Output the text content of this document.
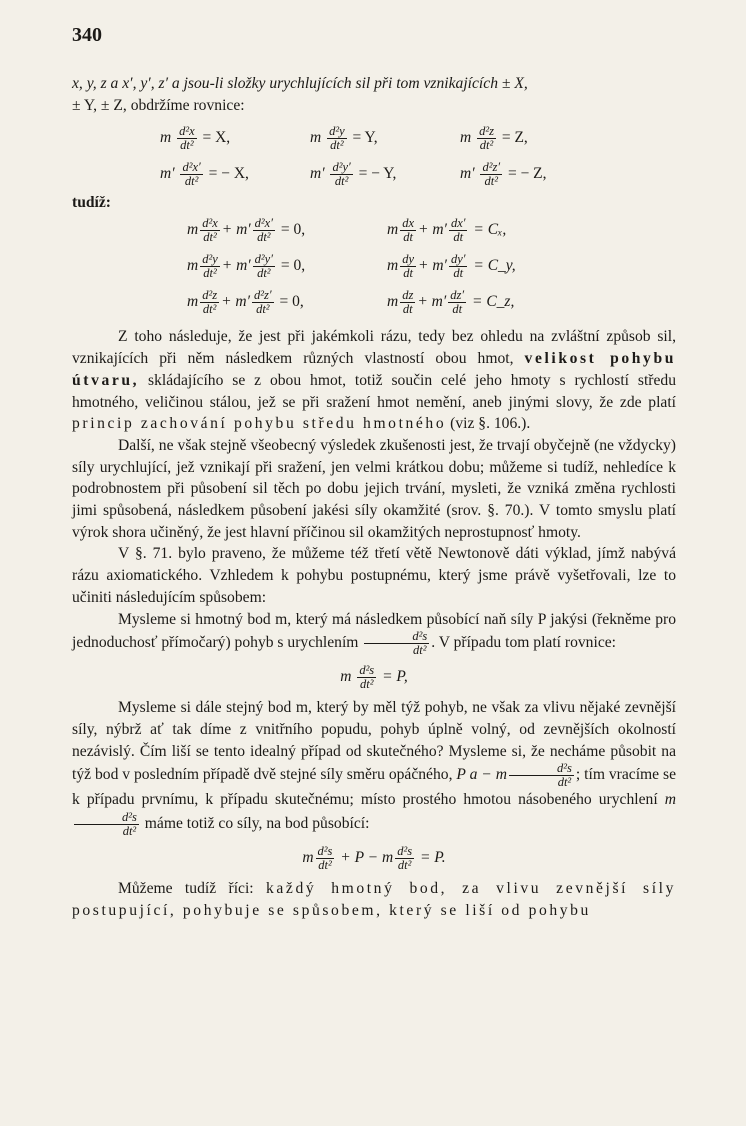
340

x, y, z a x′, y′, z′ a jsou-li složky urychlujících sil při tom vznikajících ± X,

± Y, ± Z, obdržíme rovnice:

m $\frac{\text{d²x}}{\text{dt²}} = X$,	m $\frac{\text{d²y}}{\text{dt²}} = Y$,	m $\frac{\text{d²z}}{\text{dt²}} = Z$,
$m' \frac{\text{d²x′}}{\text{dt²}}$ = − X,	$m' \frac{\text{d²y′}}{\text{dt²}}$ = − Y,	$m' \frac{\text{d²z′}}{\text{dt²}}$ = − Z,
tudíž:
m $\frac{\text{d²x}}{\text{dt²}} + m' \frac{\text{d²x′}}{\text{dt²}} = 0$,	m $\frac{dx}{dt} + m' \frac{dx'}{dt} = C_x$,
m $\frac{\text{d²y}}{\text{dt²}} + m' \frac{\text{d²y′}}{\text{dt²}} = 0$,	m $\frac{dy}{dt} + m' \frac{dy'}{dt}$ = C_y,
m $\frac{\text{d²z}}{\text{dt²}} + m' \frac{\text{d²z′}}{\text{dt²}} = 0$,	m $\frac{dz}{dt} + m' \frac{dz'}{dt}$ = C_z,

Z toho následuje, že jest při jakémkoli rázu, tedy bez ohledu na zvláštní způsob sil, vznikajících při něm následkem různých vlastností obou hmot, velikost pohybu útvaru, skládajícího se z obou hmot, totiž součin celé jeho hmoty s rychlostí středu hmotného, veličinou stálou, jež se při sražení hmot nemění, aneb jinými slovy, že zde platí princip zachování pohybu středu hmotného (viz §. 106.).

Další, ne však stejně všeobecný výsledek zkušenosti jest, že trvají obyčejně (ne vždycky) síly urychlující, jež vznikají při sražení, jen velmi krátkou dobu; můžeme si tudíž, nehledíce k podrobnostem při působení sil těch po dobu jejich trvání, mysleti, že vzniká změna rychlosti jimi spůsobená, následkem působení jakési síly okamžité (srov. §. 70.). V tomto smyslu platí výrok shora učiněný, že jest hlavní příčinou sil okamžitých neprostupnosť hmoty.

V §. 71. bylo praveno, že můžeme též třetí větě Newtonově dáti výklad, jímž nabývá rázu axiomatického. Vzhledem k pohybu postupnému, který jsme právě vyšetřovali, lze to učiniti následujícím spůsobem:

Mysleme si hmotný bod m, který má následkem působící naň síly P jakýsi (řekněme pro jednoduchosť přímočarý) pohyb s urychlením $\frac{\text{d²s}}{\text{dt²}}$ . V případu tom platí rovnice:

m $\frac{\text{d²s}}{\text{dt²}} = P$,

Mysleme si dále stejný bod m, který by měl týž pohyb, ne však za vlivu nějaké zevnější síly, nýbrž ať tak díme z vnitřního popudu, pohyb úplně volný, od zevnějších okolností nezávislý. Čím liší se tento idealný případ od skutečného? Mysleme si, že necháme působit na týž bod v posledním případě dvě stejné síly směru opáčného, P a − m $\frac{\text{d²s}}{\text{dt²}}$ ; tím vracíme se k případu prvnímu, k případu skutečnému; místo prostého hmotou násobeného urychlení m
$\frac{\text{d²s}}{\text{dt²}}$ máme totiž co síly, na bod působící:

m $\frac{\text{d²s}}{\text{dt²}} + P - m \frac{\text{d²s}}{\text{dt²}} = P$.

Můžeme tudíž říci: každý hmotný bod, za vlivu zevnější síly postupující, pohybuje se spůsobem, který se liší od pohybu
